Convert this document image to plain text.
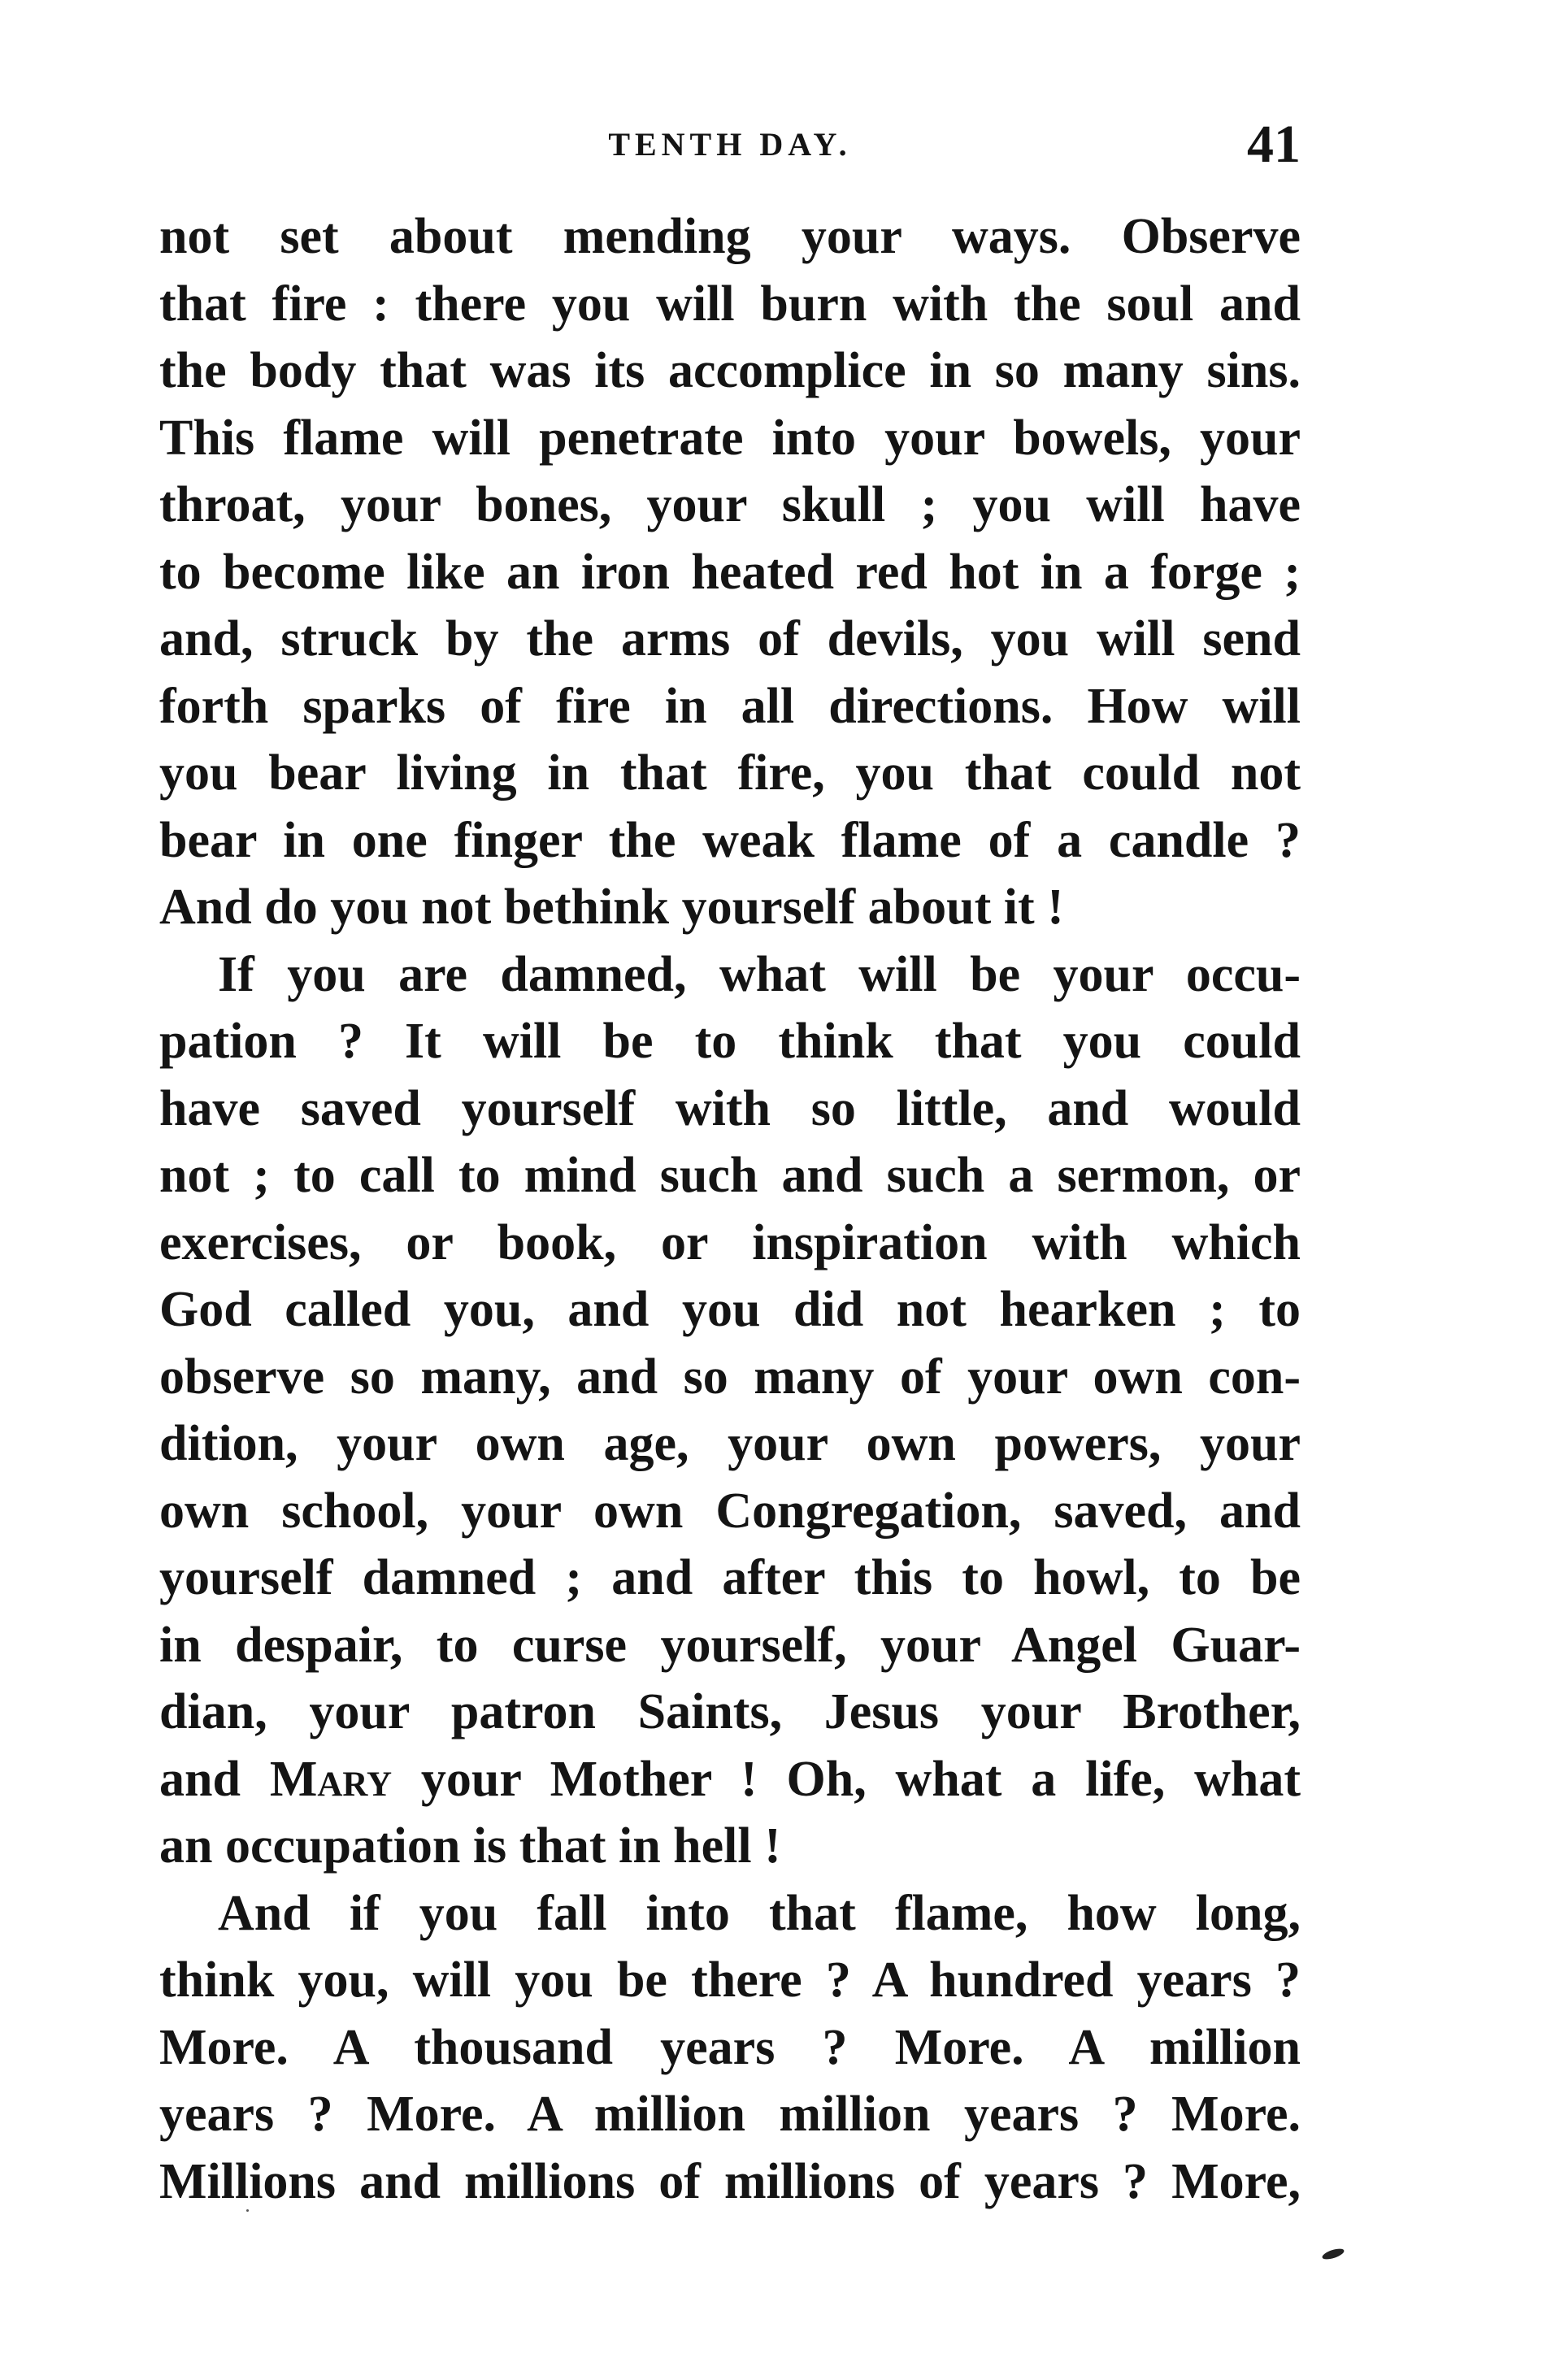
TENTH DAY.	41
not set about mending your ways. Observe
that fire : there you will burn with the soul and
the body that was its accomplice in so many sins.
This flame will penetrate into your bowels, your
throat, your bones, your skull ; you will have
to become like an iron heated red hot in a forge ;
and, struck by the arms of devils, you will send
forth sparks of fire in all directions. How will
you bear living in that fire, you that could not
bear in one finger the weak flame of a candle ?
And do you not bethink yourself about it !
If you are damned, what will be your occu-
pation ? It will be to think that you could
have saved yourself with so little, and would
not ; to call to mind such and such a sermon, or
exercises, or book, or inspiration with which
God called you, and you did not hearken ; to
observe so many, and so many of your own con-
dition, your own age, your own powers, your
own school, your own Congregation, saved, and
yourself damned ; and after this to howl, to be
in despair, to curse yourself, your Angel Guar-
dian, your patron Saints, Jesus your Brother,
and Mary your Mother ! Oh, what a life, what
an occupation is that in hell !
And if you fall into that flame, how long,
think you, will you be there ? A hundred years ?
More. A thousand years ? More. A million
years ? More. A million million years ? More.
Millions and millions of millions of years ? More,
